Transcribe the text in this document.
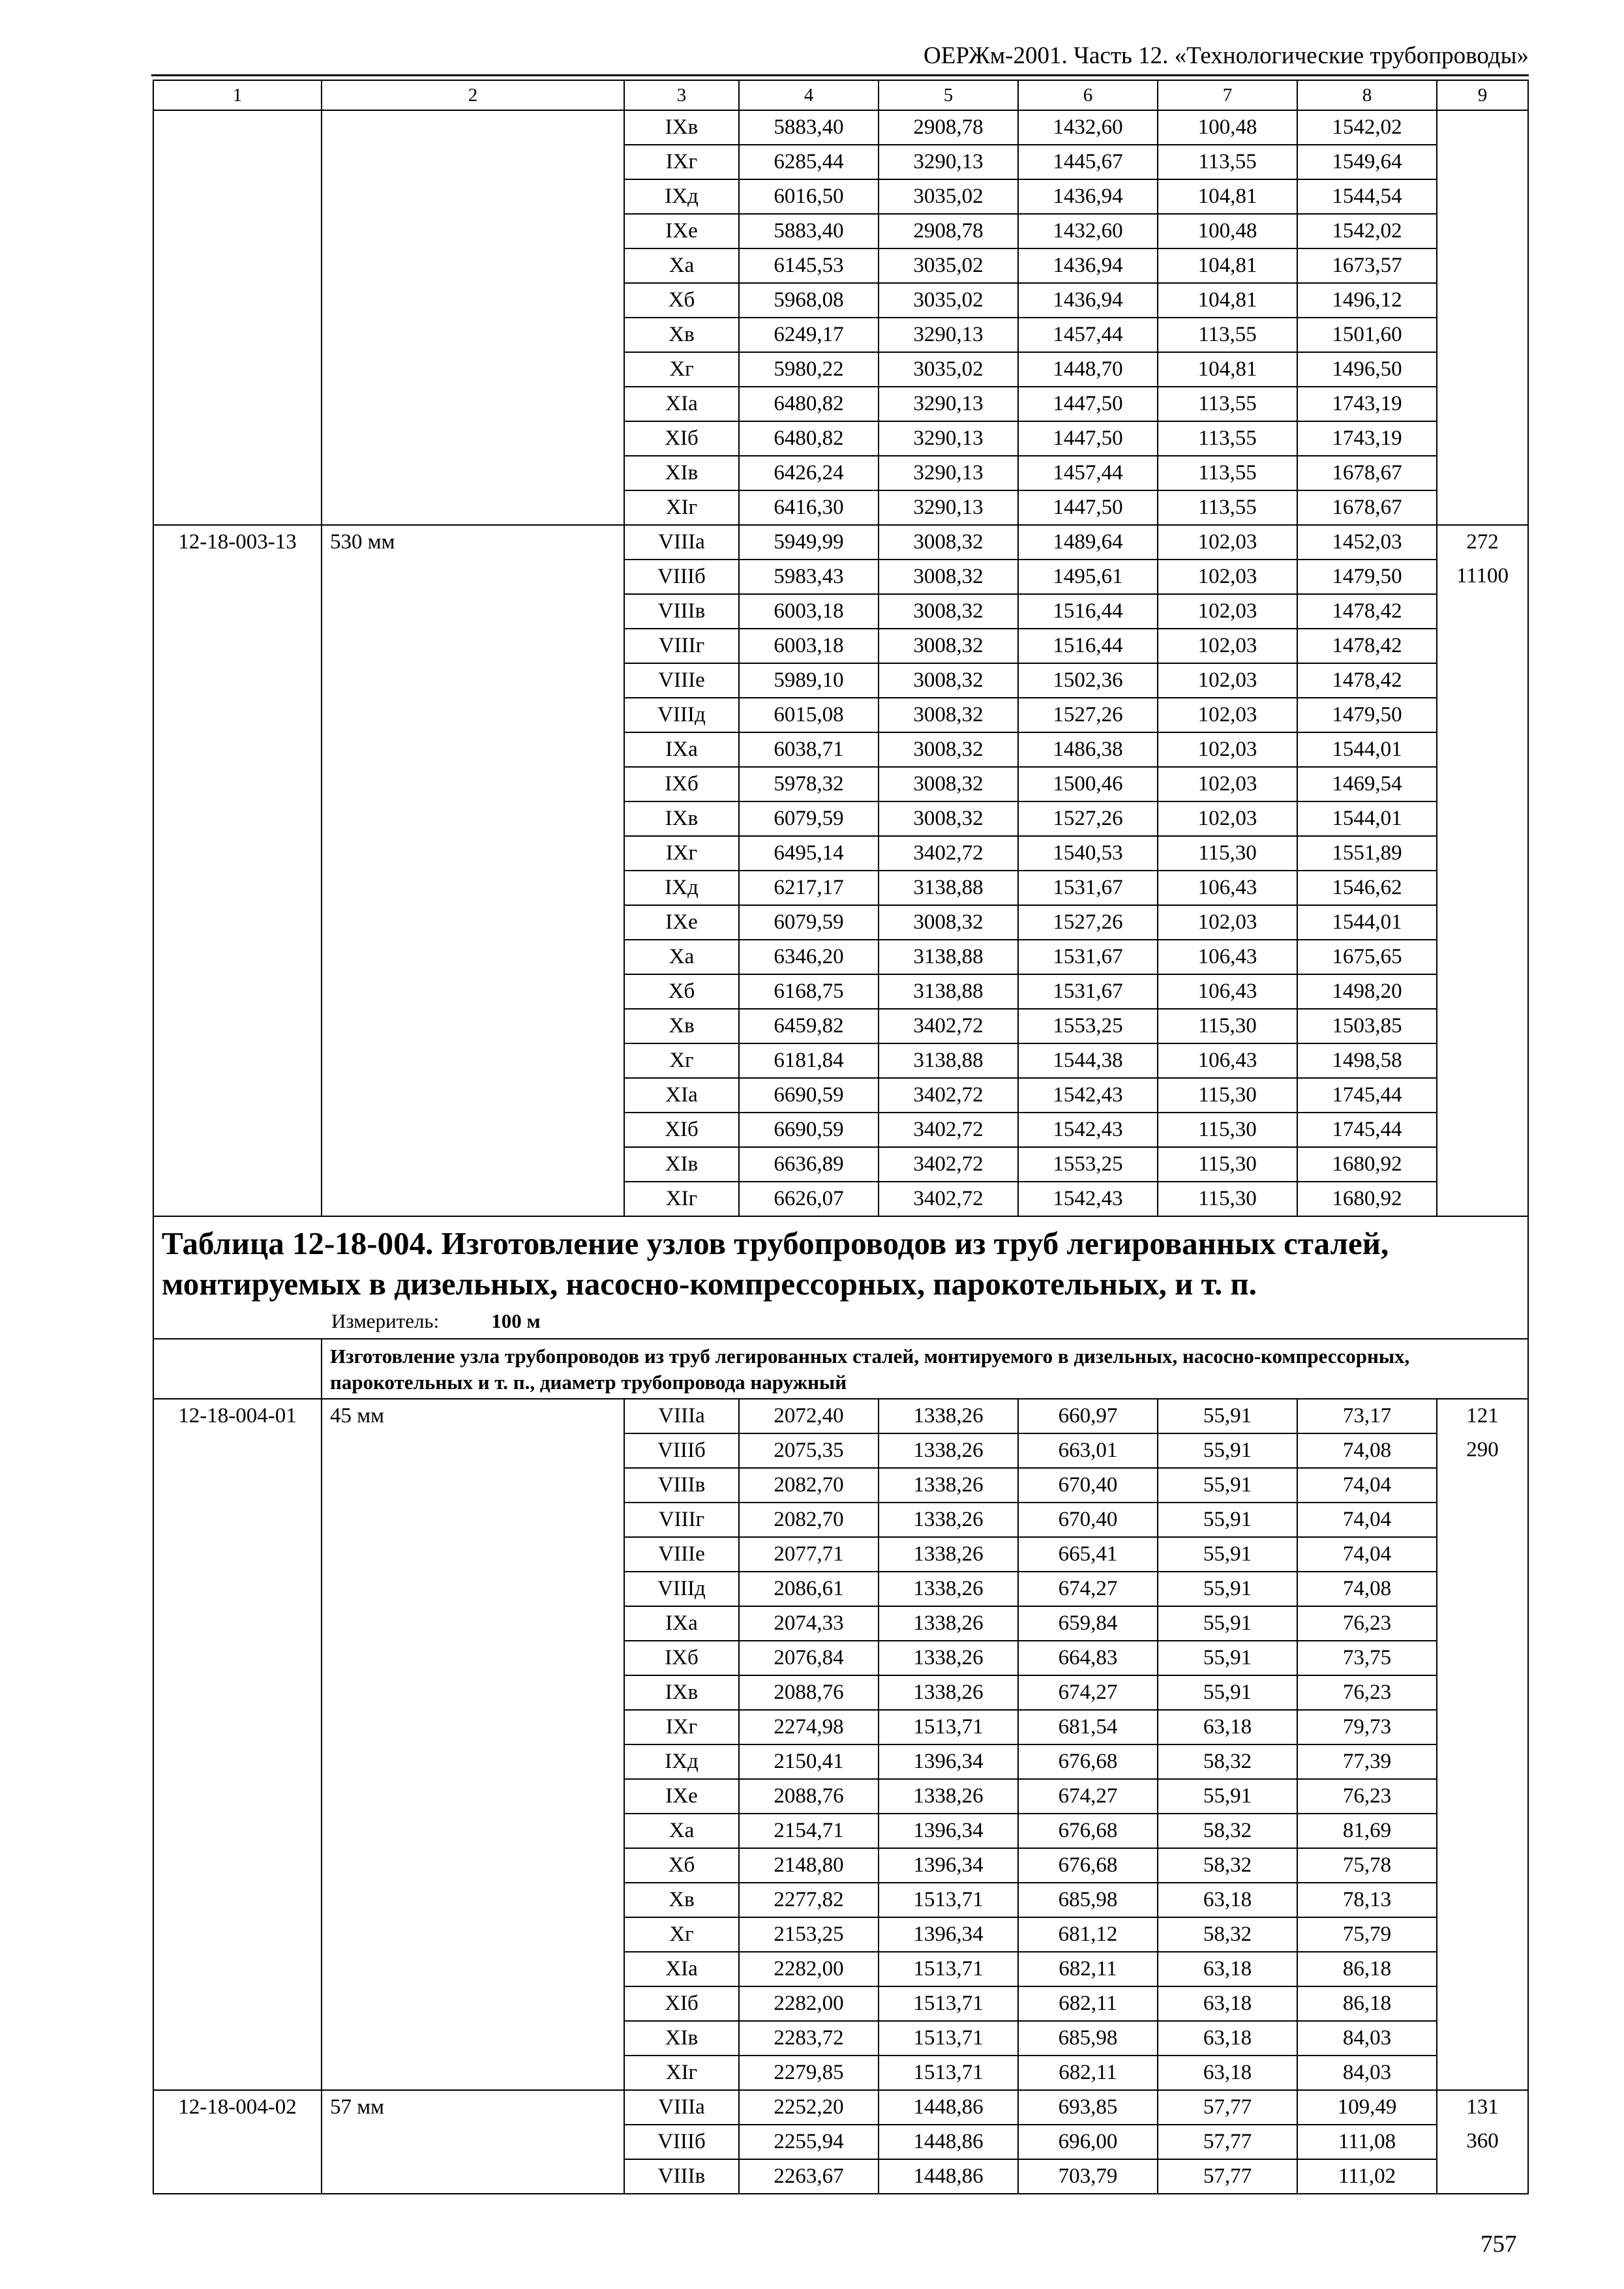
ОЕРЖм-2001. Часть 12. «Технологические трубопроводы»
1	2	3	4	5	6	7	8	9
		IXв	5883,40	2908,78	1432,60	100,48	1542,02	
		IXг	6285,44	3290,13	1445,67	113,55	1549,64	
		IXд	6016,50	3035,02	1436,94	104,81	1544,54	
		IXе	5883,40	2908,78	1432,60	100,48	1542,02	
		Xа	6145,53	3035,02	1436,94	104,81	1673,57	
		Xб	5968,08	3035,02	1436,94	104,81	1496,12	
		Xв	6249,17	3290,13	1457,44	113,55	1501,60	
		Xг	5980,22	3035,02	1448,70	104,81	1496,50	
		XIа	6480,82	3290,13	1447,50	113,55	1743,19	
		XIб	6480,82	3290,13	1447,50	113,55	1743,19	
		XIв	6426,24	3290,13	1457,44	113,55	1678,67	
		XIг	6416,30	3290,13	1447,50	113,55	1678,67	
12-18-003-13	530 мм	VIIIа	5949,99	3008,32	1489,64	102,03	1452,03	272
		VIIIб	5983,43	3008,32	1495,61	102,03	1479,50	11100
		VIIIв	6003,18	3008,32	1516,44	102,03	1478,42	
		VIIIг	6003,18	3008,32	1516,44	102,03	1478,42	
		VIIIе	5989,10	3008,32	1502,36	102,03	1478,42	
		VIIIд	6015,08	3008,32	1527,26	102,03	1479,50	
		IXа	6038,71	3008,32	1486,38	102,03	1544,01	
		IXб	5978,32	3008,32	1500,46	102,03	1469,54	
		IXв	6079,59	3008,32	1527,26	102,03	1544,01	
		IXг	6495,14	3402,72	1540,53	115,30	1551,89	
		IXд	6217,17	3138,88	1531,67	106,43	1546,62	
		IXе	6079,59	3008,32	1527,26	102,03	1544,01	
		Xа	6346,20	3138,88	1531,67	106,43	1675,65	
		Xб	6168,75	3138,88	1531,67	106,43	1498,20	
		Xв	6459,82	3402,72	1553,25	115,30	1503,85	
		Xг	6181,84	3138,88	1544,38	106,43	1498,58	
		XIа	6690,59	3402,72	1542,43	115,30	1745,44	
		XIб	6690,59	3402,72	1542,43	115,30	1745,44	
		XIв	6636,89	3402,72	1553,25	115,30	1680,92	
		XIг	6626,07	3402,72	1542,43	115,30	1680,92	

Таблица 12-18-004. Изготовление узлов трубопроводов из труб легированных сталей, монтируемых в дизельных, насосно-компрессорных, парокотельных, и т. п.
Измеритель: 100 м								

	Изготовление узла трубопроводов из труб легированных сталей, монтируемого в дизельных, насосно-компрессорных, парокотельных и т. п., диаметр трубопровода наружный							
12-18-004-01	45 мм	VIIIа	2072,40	1338,26	660,97	55,91	73,17	121
		VIIIб	2075,35	1338,26	663,01	55,91	74,08	290
		VIIIв	2082,70	1338,26	670,40	55,91	74,04	
		VIIIг	2082,70	1338,26	670,40	55,91	74,04	
		VIIIе	2077,71	1338,26	665,41	55,91	74,04	
		VIIIд	2086,61	1338,26	674,27	55,91	74,08	
		IXа	2074,33	1338,26	659,84	55,91	76,23	
		IXб	2076,84	1338,26	664,83	55,91	73,75	
		IXв	2088,76	1338,26	674,27	55,91	76,23	
		IXг	2274,98	1513,71	681,54	63,18	79,73	
		IXд	2150,41	1396,34	676,68	58,32	77,39	
		IXе	2088,76	1338,26	674,27	55,91	76,23	
		Xа	2154,71	1396,34	676,68	58,32	81,69	
		Xб	2148,80	1396,34	676,68	58,32	75,78	
		Xв	2277,82	1513,71	685,98	63,18	78,13	
		Xг	2153,25	1396,34	681,12	58,32	75,79	
		XIа	2282,00	1513,71	682,11	63,18	86,18	
		XIб	2282,00	1513,71	682,11	63,18	86,18	
		XIв	2283,72	1513,71	685,98	63,18	84,03	
		XIг	2279,85	1513,71	682,11	63,18	84,03	
12-18-004-02	57 мм	VIIIа	2252,20	1448,86	693,85	57,77	109,49	131
		VIIIб	2255,94	1448,86	696,00	57,77	111,08	360
		VIIIв	2263,67	1448,86	703,79	57,77	111,02	
757
